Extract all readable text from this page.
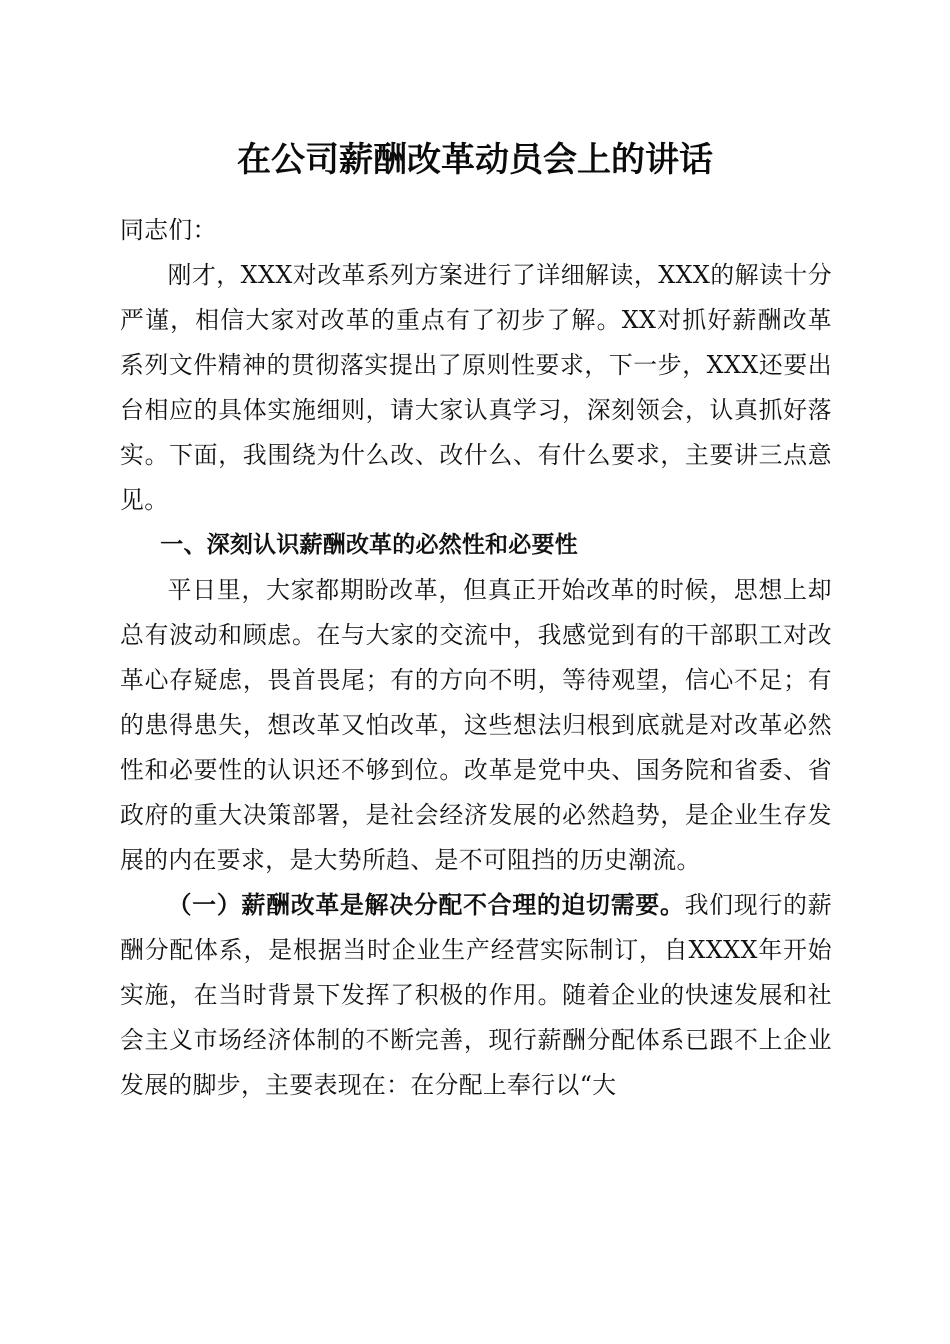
在公司薪酬改革动员会上的讲话

同志们：

刚才，XXX对改革系列方案进行了详细解读，XXX的解读十分严谨，相信大家对改革的重点有了初步了解。XX对抓好薪酬改革系列文件精神的贯彻落实提出了原则性要求，下一步，XXX还要出台相应的具体实施细则，请大家认真学习，深刻领会，认真抓好落实。下面，我围绕为什么改、改什么、有什么要求，主要讲三点意见。

一、深刻认识薪酬改革的必然性和必要性

平日里，大家都期盼改革，但真正开始改革的时候，思想上却总有波动和顾虑。在与大家的交流中，我感觉到有的干部职工对改革心存疑虑，畏首畏尾；有的方向不明，等待观望，信心不足；有的患得患失，想改革又怕改革，这些想法归根到底就是对改革必然性和必要性的认识还不够到位。改革是党中央、国务院和省委、省政府的重大决策部署，是社会经济发展的必然趋势，是企业生存发展的内在要求，是大势所趋、是不可阻挡的历史潮流。

（一）薪酬改革是解决分配不合理的迫切需要。我们现行的薪酬分配体系，是根据当时企业生产经营实际制订，自XXXX年开始实施，在当时背景下发挥了积极的作用。随着企业的快速发展和社会主义市场经济体制的不断完善，现行薪酬分配体系已跟不上企业发展的脚步，主要表现在：在分配上奉行以“大
